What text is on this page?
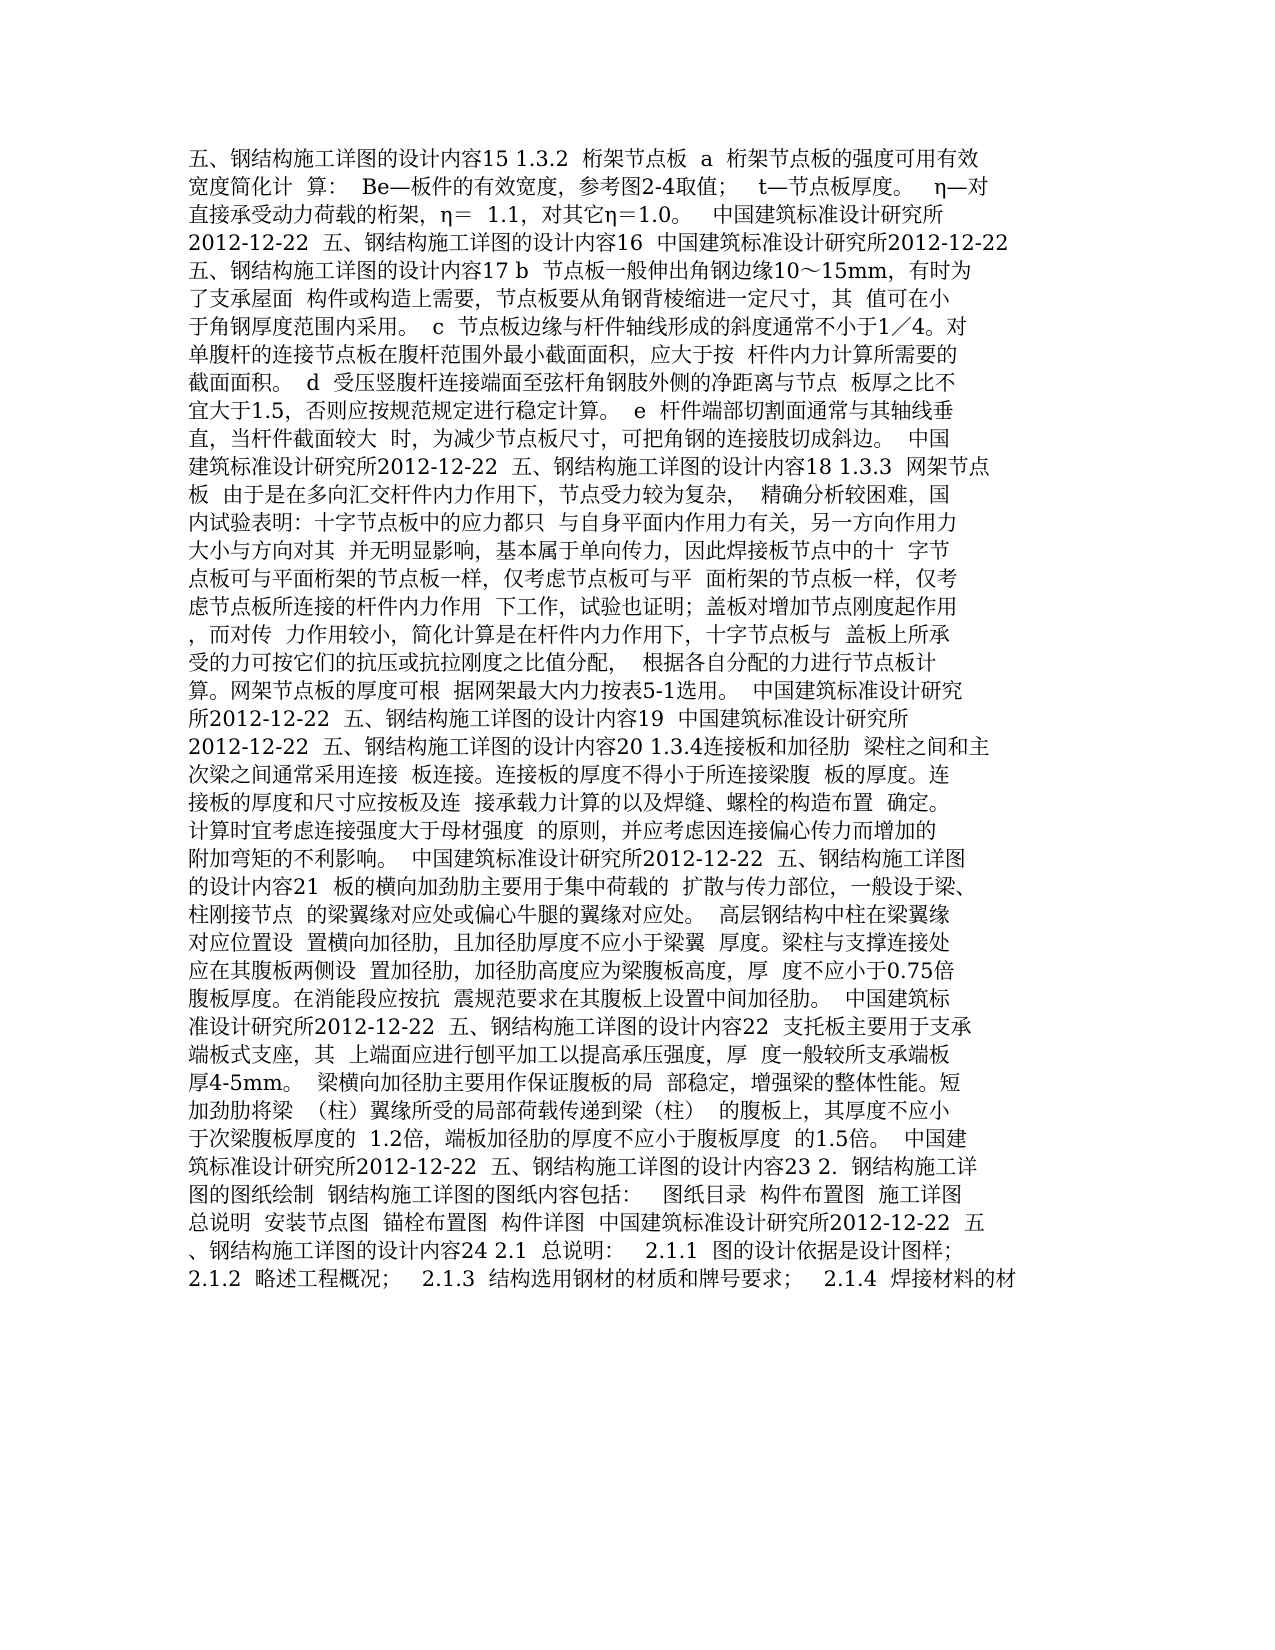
五、钢结构施工详图的设计内容15 1.3.2  桁架节点板  a  桁架节点板的强度可用有效
宽度简化计  算：  Be—板件的有效宽度，参考图2-4取值；   t—节点板厚度。   η—对
直接承受动力荷载的桁架，η＝  1.1，对其它η＝1.0。   中国建筑标准设计研究所
2012-12-22  五、钢结构施工详图的设计内容16  中国建筑标准设计研究所2012-12-22
五、钢结构施工详图的设计内容17 b  节点板一般伸出角钢边缘10～15mm，有时为
了支承屋面  构件或构造上需要，节点板要从角钢背棱缩进一定尺寸，其  值可在小
于角钢厚度范围内采用。  c  节点板边缘与杆件轴线形成的斜度通常不小于1／4。对
单腹杆的连接节点板在腹杆范围外最小截面面积，应大于按  杆件内力计算所需要的
截面面积。  d  受压竖腹杆连接端面至弦杆角钢肢外侧的净距离与节点  板厚之比不
宜大于1.5，否则应按规范规定进行稳定计算。  e  杆件端部切割面通常与其轴线垂
直，当杆件截面较大  时，为减少节点板尺寸，可把角钢的连接肢切成斜边。  中国
建筑标准设计研究所2012-12-22  五、钢结构施工详图的设计内容18 1.3.3  网架节点
板  由于是在多向汇交杆件内力作用下，节点受力较为复杂，  精确分析较困难，国
内试验表明：十字节点板中的应力都只  与自身平面内作用力有关，另一方向作用力
大小与方向对其  并无明显影响，基本属于单向传力，因此焊接板节点中的十  字节
点板可与平面桁架的节点板一样，仅考虑节点板可与平  面桁架的节点板一样，仅考
虑节点板所连接的杆件内力作用  下工作，试验也证明；盖板对增加节点刚度起作用
，而对传  力作用较小，简化计算是在杆件内力作用下，十字节点板与  盖板上所承
受的力可按它们的抗压或抗拉刚度之比值分配，  根据各自分配的力进行节点板计
算。网架节点板的厚度可根  据网架最大内力按表5-1选用。  中国建筑标准设计研究
所2012-12-22  五、钢结构施工详图的设计内容19  中国建筑标准设计研究所
2012-12-22  五、钢结构施工详图的设计内容20 1.3.4连接板和加径肋  梁柱之间和主
次梁之间通常采用连接  板连接。连接板的厚度不得小于所连接梁腹  板的厚度。连
接板的厚度和尺寸应按板及连  接承载力计算的以及焊缝、螺栓的构造布置  确定。
计算时宜考虑连接强度大于母材强度  的原则，并应考虑因连接偏心传力而增加的
附加弯矩的不利影响。  中国建筑标准设计研究所2012-12-22  五、钢结构施工详图
的设计内容21  板的横向加劲肋主要用于集中荷载的  扩散与传力部位，一般设于梁、
柱刚接节点  的梁翼缘对应处或偏心牛腿的翼缘对应处。  高层钢结构中柱在梁翼缘
对应位置设  置横向加径肋，且加径肋厚度不应小于梁翼  厚度。梁柱与支撑连接处
应在其腹板两侧设  置加径肋，加径肋高度应为梁腹板高度，厚  度不应小于0.75倍
腹板厚度。在消能段应按抗  震规范要求在其腹板上设置中间加径肋。  中国建筑标
准设计研究所2012-12-22  五、钢结构施工详图的设计内容22  支托板主要用于支承
端板式支座，其  上端面应进行刨平加工以提高承压强度，厚  度一般较所支承端板
厚4-5mm。  梁横向加径肋主要用作保证腹板的局  部稳定，增强梁的整体性能。短
加劲肋将梁  （柱）翼缘所受的局部荷载传递到梁（柱）  的腹板上，其厚度不应小
于次梁腹板厚度的  1.2倍，端板加径肋的厚度不应小于腹板厚度  的1.5倍。  中国建
筑标准设计研究所2012-12-22  五、钢结构施工详图的设计内容23 2.  钢结构施工详
图的图纸绘制  钢结构施工详图的图纸内容包括：   图纸目录  构件布置图  施工详图
总说明  安装节点图  锚栓布置图  构件详图  中国建筑标准设计研究所2012-12-22  五
、钢结构施工详图的设计内容24 2.1  总说明：   2.1.1  图的设计依据是设计图样；
2.1.2  略述工程概况；   2.1.3  结构选用钢材的材质和牌号要求；   2.1.4  焊接材料的材
